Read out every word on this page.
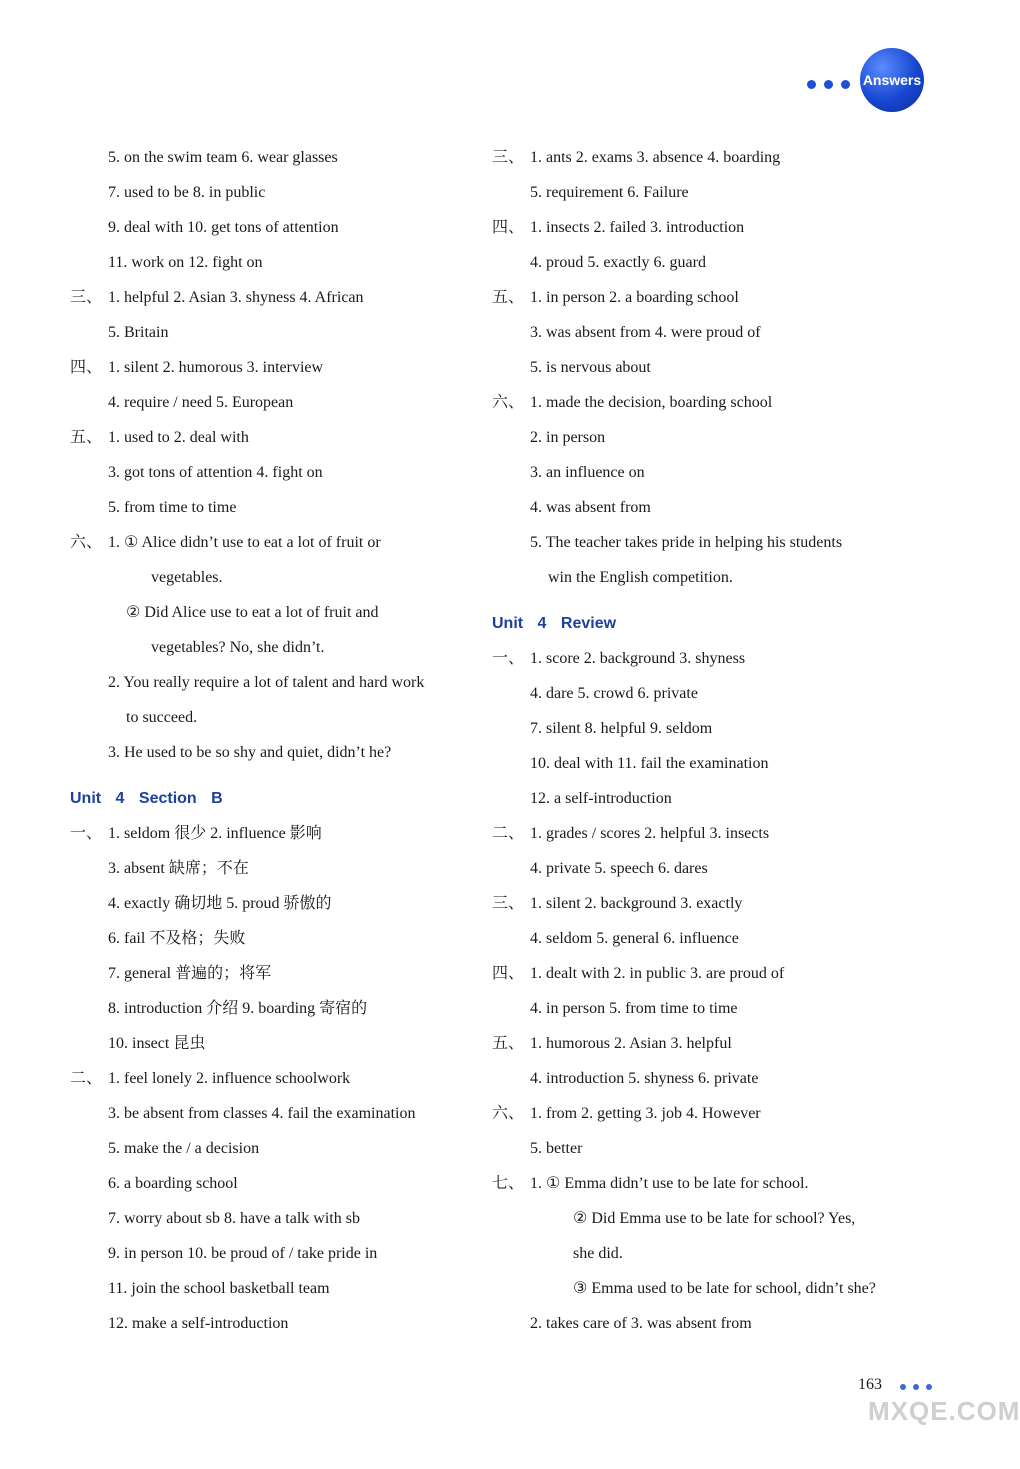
Answers
5. on the swim team 6. wear glasses
7. used to be 8. in public
9. deal with 10. get tons of attention
11. work on 12. fight on
三、 1. helpful 2. Asian 3. shyness 4. African
5. Britain
四、 1. silent 2. humorous 3. interview
4. require / need 5. European
五、 1. used to 2. deal with
3. got tons of attention 4. fight on
5. from time to time
六、 1. ① Alice didn’t use to eat a lot of fruit or
vegetables.
② Did Alice use to eat a lot of fruit and
vegetables? No, she didn’t.
2. You really require a lot of talent and hard work
to succeed.
3. He used to be so shy and quiet, didn’t he?
Unit 4 Section B
一、 1. seldom 很少 2. influence 影响
3. absent 缺席；不在
4. exactly 确切地 5. proud 骄傲的
6. fail 不及格；失败
7. general 普遍的；将军
8. introduction 介绍 9. boarding 寄宿的
10. insect 昆虫
二、 1. feel lonely 2. influence schoolwork
3. be absent from classes 4. fail the examination
5. make the / a decision
6. a boarding school
7. worry about sb 8. have a talk with sb
9. in person 10. be proud of / take pride in
11. join the school basketball team
12. make a self-introduction
三、 1. ants 2. exams 3. absence 4. boarding
5. requirement 6. Failure
四、 1. insects 2. failed 3. introduction
4. proud 5. exactly 6. guard
五、 1. in person 2. a boarding school
3. was absent from 4. were proud of
5. is nervous about
六、 1. made the decision, boarding school
2. in person
3. an influence on
4. was absent from
5. The teacher takes pride in helping his students
win the English competition.
Unit 4 Review
一、 1. score 2. background 3. shyness
4. dare 5. crowd 6. private
7. silent 8. helpful 9. seldom
10. deal with 11. fail the examination
12. a self-introduction
二、 1. grades / scores 2. helpful 3. insects
4. private 5. speech 6. dares
三、 1. silent 2. background 3. exactly
4. seldom 5. general 6. influence
四、 1. dealt with 2. in public 3. are proud of
4. in person 5. from time to time
五、 1. humorous 2. Asian 3. helpful
4. introduction 5. shyness 6. private
六、 1. from 2. getting 3. job 4. However
5. better
七、 1. ① Emma didn’t use to be late for school.
② Did Emma use to be late for school? Yes,
she did.
③ Emma used to be late for school, didn’t she?
2. takes care of 3. was absent from
MXQE.COM
163
